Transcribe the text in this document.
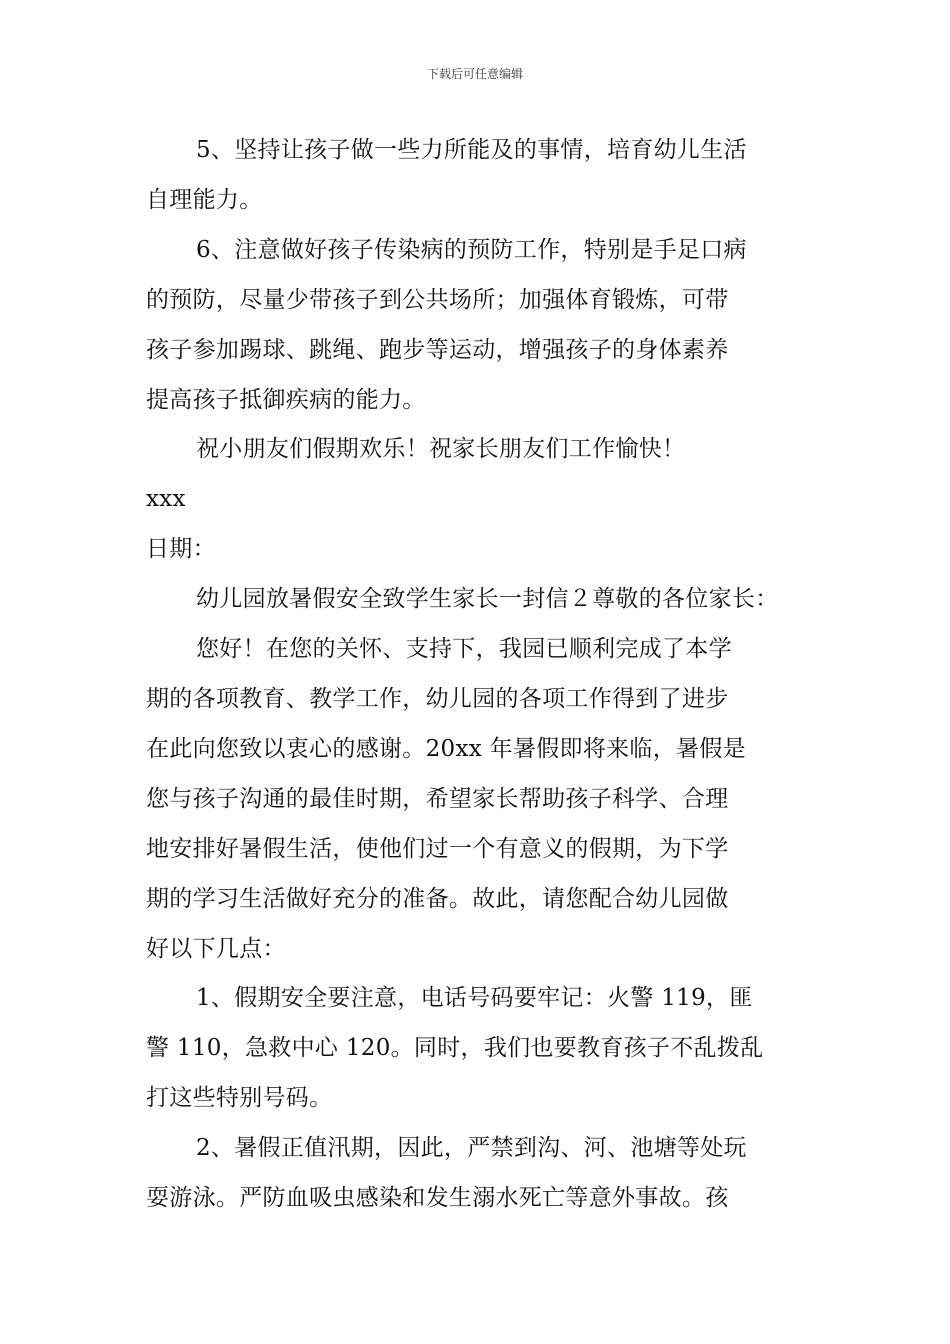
下载后可任意编辑

5、坚持让孩子做一些力所能及的事情，培育幼儿生活

自理能力。

6、注意做好孩子传染病的预防工作，特别是手足口病

的预防，尽量少带孩子到公共场所；加强体育锻炼，可带

孩子参加踢球、跳绳、跑步等运动，增强孩子的身体素养

提高孩子抵御疾病的能力。

祝小朋友们假期欢乐！祝家长朋友们工作愉快！

xxx

日期：

幼儿园放暑假安全致学生家长一封信２尊敬的各位家长：

您好！在您的关怀、支持下，我园已顺利完成了本学

期的各项教育、教学工作，幼儿园的各项工作得到了进步

在此向您致以衷心的感谢。20xx 年暑假即将来临，暑假是

您与孩子沟通的最佳时期，希望家长帮助孩子科学、合理

地安排好暑假生活，使他们过一个有意义的假期，为下学

期的学习生活做好充分的准备。故此，请您配合幼儿园做

好以下几点：

1、假期安全要注意，电话号码要牢记：火警 119，匪

警 110，急救中心 120。同时，我们也要教育孩子不乱拨乱

打这些特别号码。

2、暑假正值汛期，因此，严禁到沟、河、池塘等处玩

耍游泳。严防血吸虫感染和发生溺水死亡等意外事故。孩
